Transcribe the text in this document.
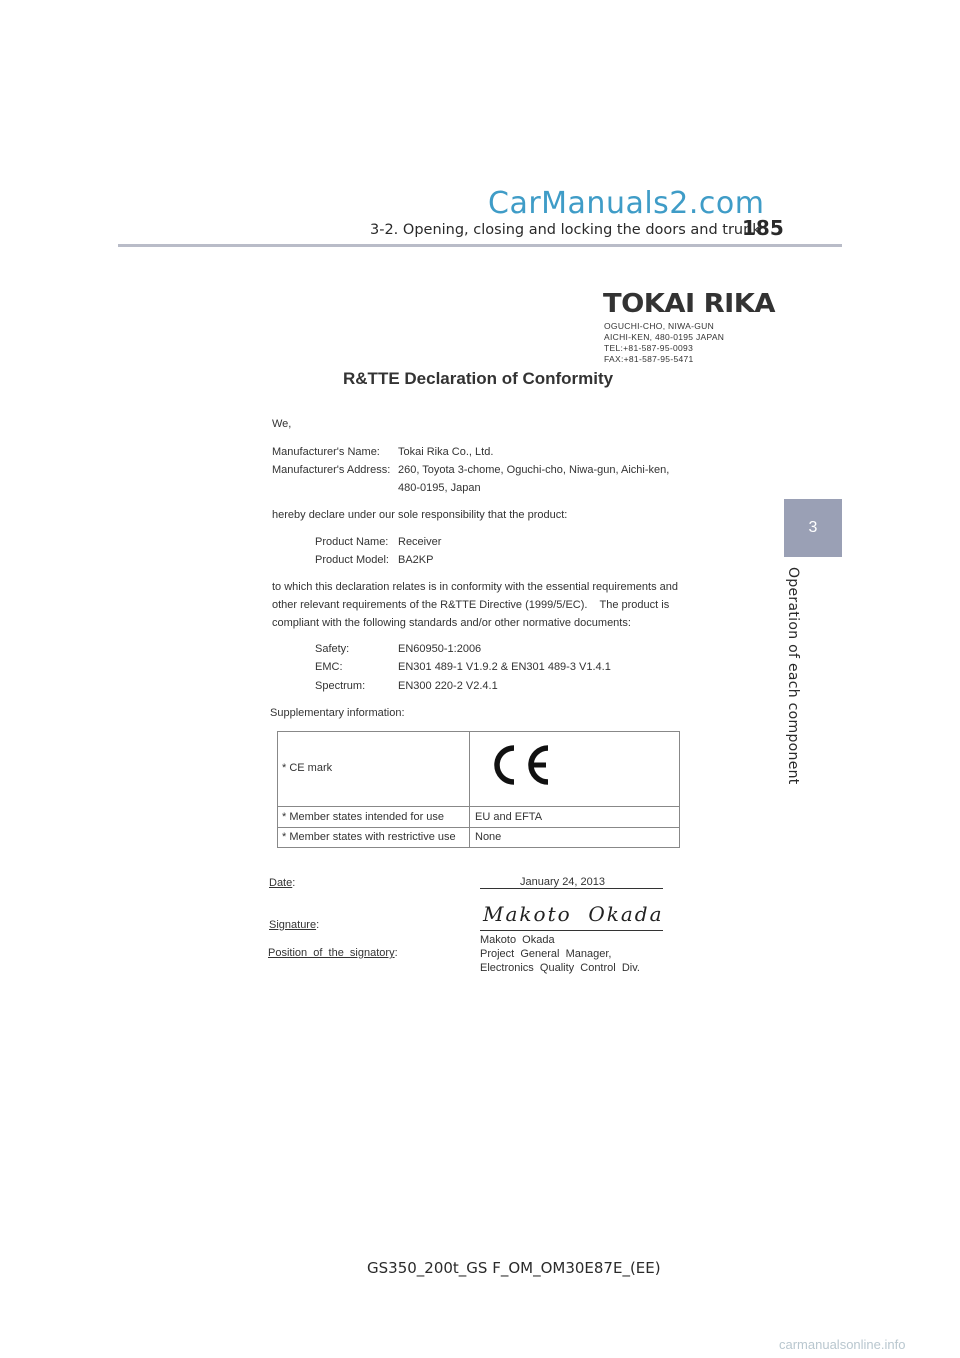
CarManuals2.com
3-2. Opening, closing and locking the doors and trunk
185
3
Operation of each component
TOKAI RIKA
OGUCHI-CHO, NIWA-GUN
AICHI-KEN, 480-0195 JAPAN
TEL:+81-587-95-0093
FAX:+81-587-95-5471
R&TTE Declaration of Conformity
We,
Manufacturer's Name: Tokai Rika Co., Ltd.
Manufacturer's Address: 260, Toyota 3-chome, Oguchi-cho, Niwa-gun, Aichi-ken,
480-0195, Japan
hereby declare under our sole responsibility that the product:
Product Name: Receiver
Product Model: BA2KP
to which this declaration relates is in conformity with the essential requirements and
other relevant requirements of the R&TTE Directive (1999/5/EC).    The product is
compliant with the following standards and/or other normative documents:
Safety:	EN60950-1:2006
EMC:	EN301 489-1 V1.9.2 & EN301 489-3 V1.4.1
Spectrum:	EN300 220-2 V2.4.1
Supplementary information:
* CE mark
* Member states intended for use	EU and EFTA
* Member states with restrictive use None
Date:	January 24, 2013
Signature:	Makoto  Okada
Position  of  the  signatory:
Makoto  Okada
Project  General  Manager,
Electronics  Quality  Control  Div.
GS350_200t_GS F_OM_OM30E87E_(EE)
carmanualsonline.info
